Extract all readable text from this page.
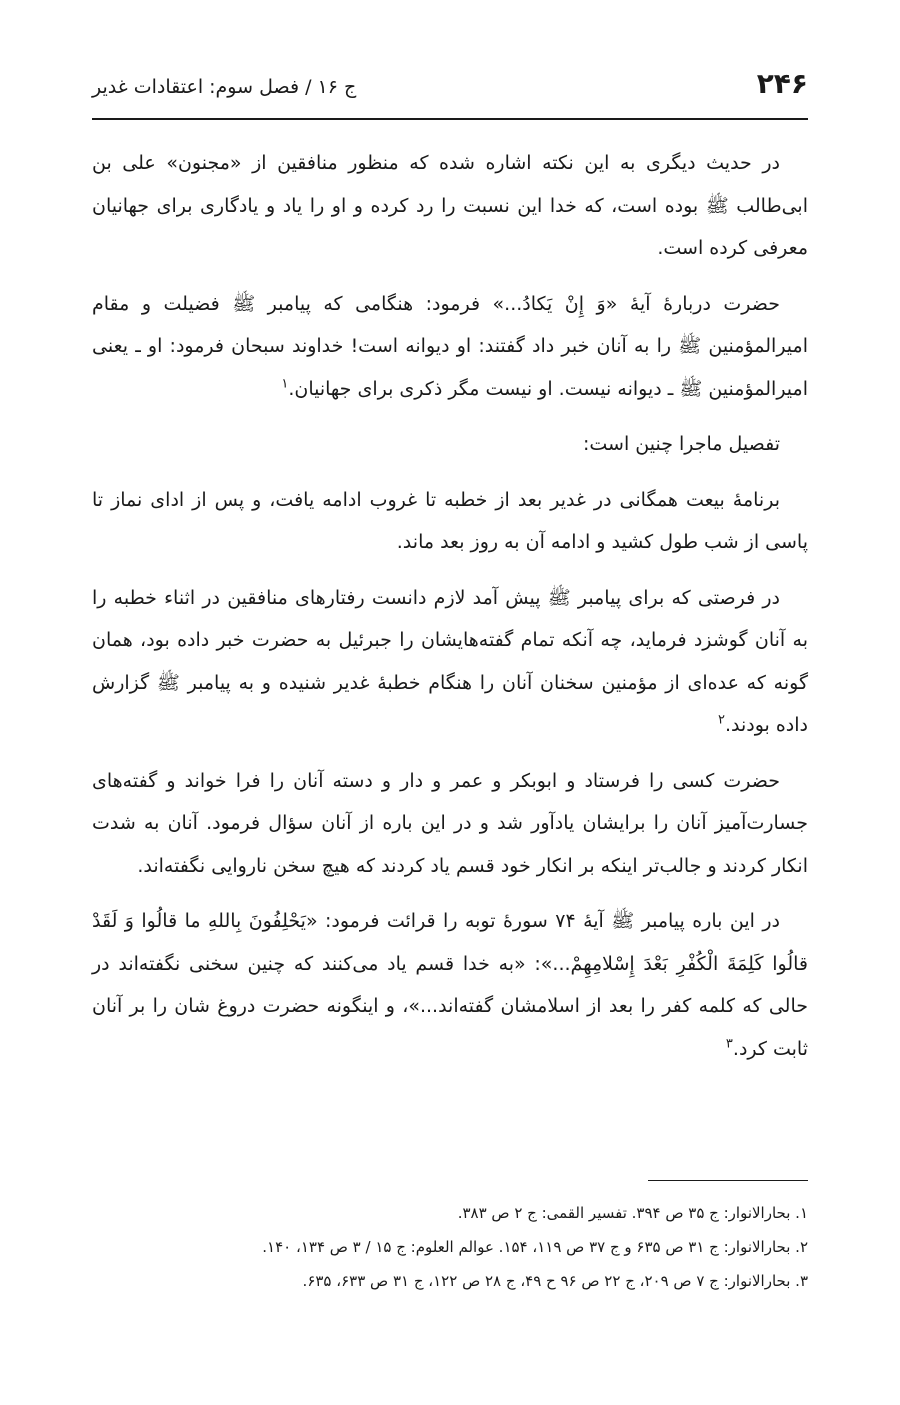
۲۴۶
ج ۱۶ / فصل سوم: اعتقادات غدیر

در حدیث دیگری به این نکته اشاره شده که منظور منافقین از «مجنون» علی بن ابی‌طالب ﷺ بوده است، که خدا این نسبت را رد کرده و او را یاد و یادگاری برای جهانیان معرفی کرده است.

حضرت دربارهٔ آیهٔ «وَ إِنْ یَکادُ...» فرمود: هنگامی که پیامبر ﷺ فضیلت و مقام امیرالمؤمنین ﷺ را به آنان خبر داد گفتند: او دیوانه است! خداوند سبحان فرمود: او ـ یعنی امیرالمؤمنین ﷺ ـ دیوانه نیست. او نیست مگر ذکری برای جهانیان.$^۱$

تفصیل ماجرا چنین است:

برنامهٔ بیعت همگانی در غدیر بعد از خطبه تا غروب ادامه یافت، و پس از ادای نماز تا پاسی از شب طول کشید و ادامه آن به روز بعد ماند.

در فرصتی که برای پیامبر ﷺ پیش آمد لازم دانست رفتارهای منافقین در اثناء خطبه را به آنان گوشزد فرماید، چه آنکه تمام گفته‌هایشان را جبرئیل به حضرت خبر داده بود، همان گونه که عده‌ای از مؤمنین سخنان آنان را هنگام خطبهٔ غدیر شنیده و به پیامبر ﷺ گزارش داده بودند.$^۲$

حضرت کسی را فرستاد و ابوبکر و عمر و دار و دسته آنان را فرا خواند و گفته‌های جسارت‌آمیز آنان را برایشان یادآور شد و در این باره از آنان سؤال فرمود. آنان به شدت انکار کردند و جالب‌تر اینکه بر انکار خود قسم یاد کردند که هیچ سخن ناروایی نگفته‌اند.

در این باره پیامبر ﷺ آیهٔ ۷۴ سورهٔ توبه را قرائت فرمود: «یَحْلِفُونَ بِاللهِ ما قالُوا وَ لَقَدْ قالُوا کَلِمَةَ الْکُفْرِ بَعْدَ إِسْلامِهِمْ...»: «به خدا قسم یاد می‌کنند که چنین سخنی نگفته‌اند در حالی که کلمه کفر را بعد از اسلامشان گفته‌اند...»، و اینگونه حضرت دروغ شان را بر آنان ثابت کرد.$^۳$

۱. بحارالانوار: ج ۳۵ ص ۳۹۴. تفسیر القمی: ج ۲ ص ۳۸۳.

۲. بحارالانوار: ج ۳۱ ص ۶۳۵ و ج ۳۷ ص ۱۱۹، ۱۵۴. عوالم العلوم: ج ۱۵ / ۳ ص ۱۳۴، ۱۴۰.

۳. بحارالانوار: ج ۷ ص ۲۰۹، ج ۲۲ ص ۹۶ ح ۴۹، ج ۲۸ ص ۱۲۲، ج ۳۱ ص ۶۳۳، ۶۳۵.
